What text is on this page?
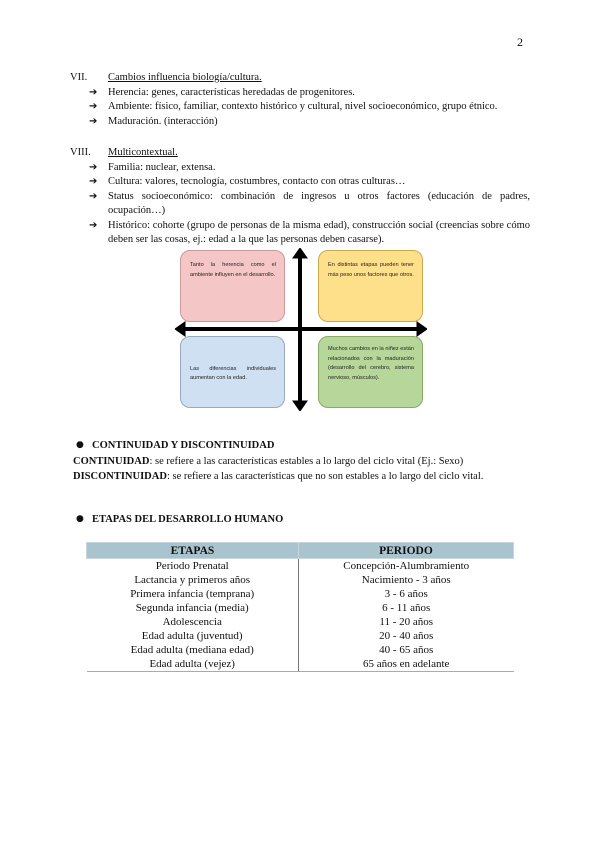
2
VII.	Cambios influencia biología/cultura.
➔ Herencia: genes, características heredadas de progenitores.
➔ Ambiente: físico, familiar, contexto histórico y cultural, nivel socioeconómico, grupo étnico.
➔ Maduración. (interacción)
VIII.	Multicontextual.
➔ Familia: nuclear, extensa.
➔ Cultura: valores, tecnología, costumbres, contacto con otras culturas…
➔ Status socioeconómico: combinación de ingresos u otros factores (educación de padres, ocupación…)
➔ Histórico: cohorte (grupo de personas de la misma edad), construcción social (creencias sobre cómo deben ser las cosas, ej.: edad a la que las personas deben casarse).
Tanto la herencia como el ambiente influyen en el desarrollo.
En distintas etapas pueden tener más peso unos factores que otros.
Las diferencias individuales aumentan con la edad.
Muchos cambios en la niñez están relacionados con la maduración (desarrollo del cerebro, sistema nervioso, músculos).
● CONTINUIDAD Y DISCONTINUIDAD
CONTINUIDAD: se refiere a las características estables a lo largo del ciclo vital (Ej.: Sexo)
DISCONTINUIDAD: se refiere a las características que no son estables a lo largo del ciclo vital.
● ETAPAS DEL DESARROLLO HUMANO
ETAPAS	PERIODO
Periodo Prenatal	Concepción-Alumbramiento
Lactancia y primeros años	Nacimiento - 3 años
Primera infancia (temprana)	3 - 6 años
Segunda infancia (media)	6 - 11 años
Adolescencia	11 - 20 años
Edad adulta (juventud)	20 - 40 años
Edad adulta (mediana edad)	40 - 65 años
Edad adulta (vejez)	65 años en adelante
